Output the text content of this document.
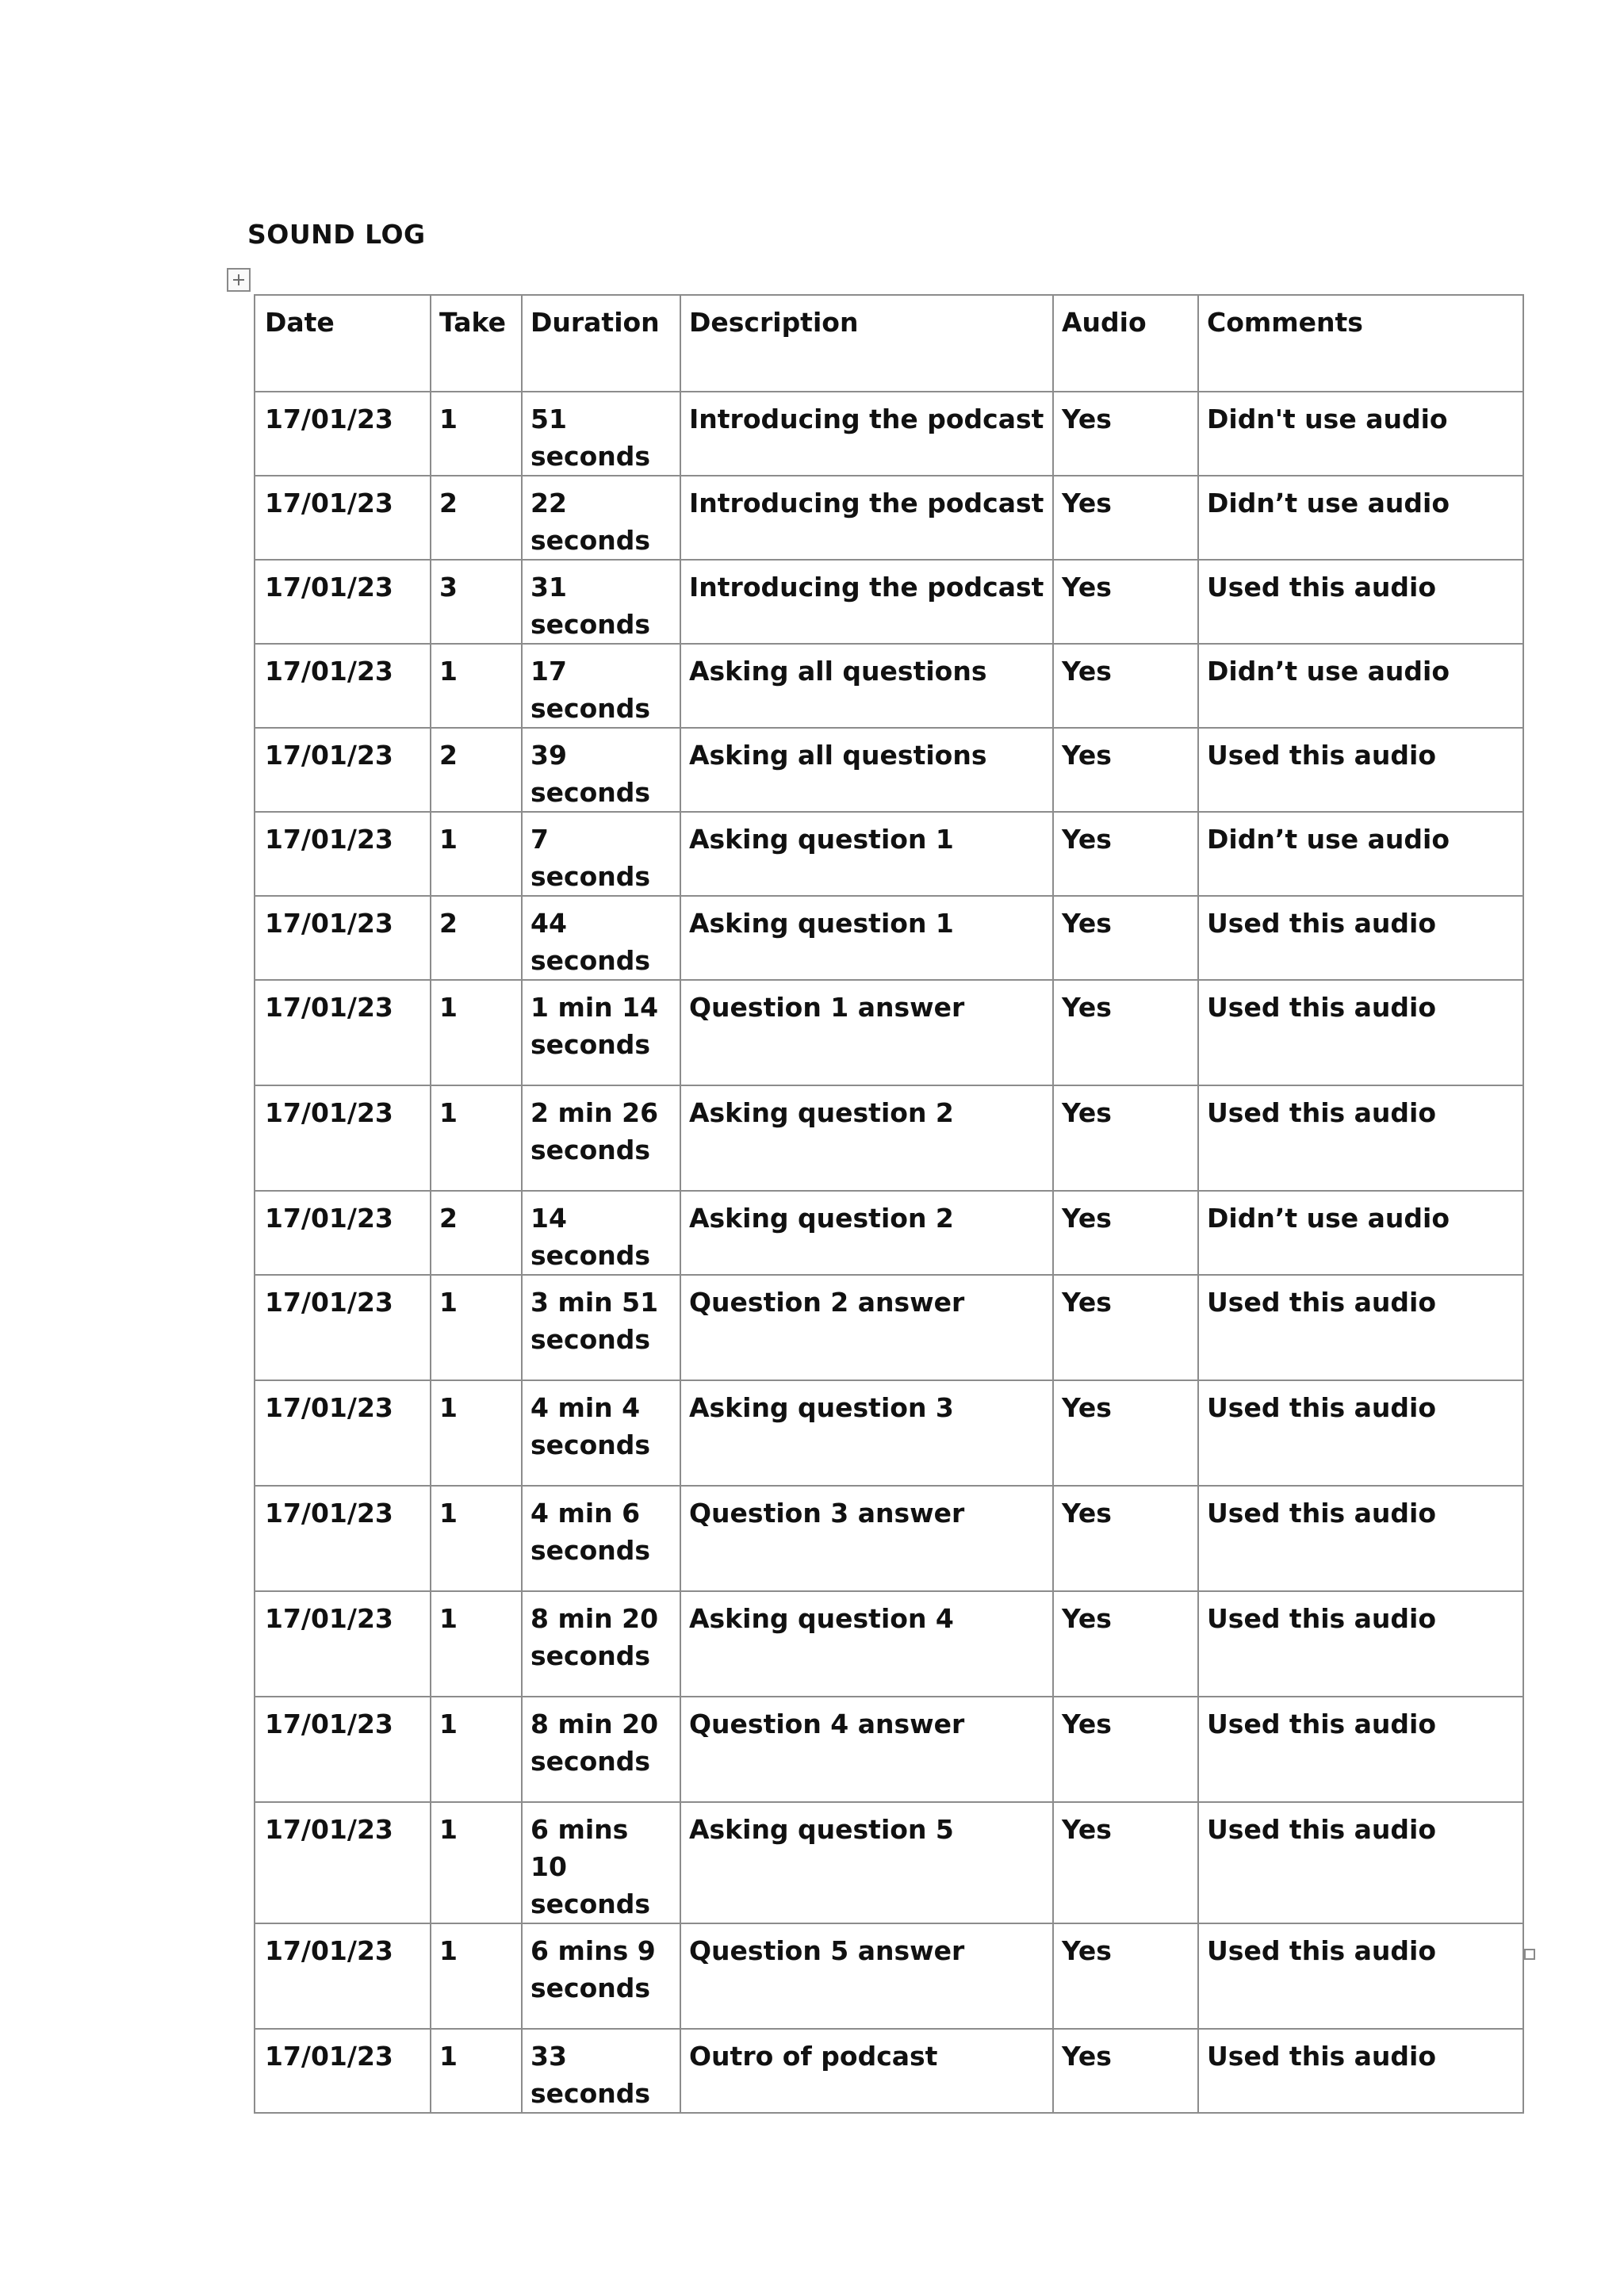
SOUND LOG
Date	Take	Duration	Description	Audio	Comments
17/01/23	1	51 seconds	Introducing the podcast	Yes	Didn't use audio
17/01/23	2	22 seconds	Introducing the podcast	Yes	Didn’t use audio
17/01/23	3	31 seconds	Introducing the podcast	Yes	Used this audio
17/01/23	1	17 seconds	Asking all questions	Yes	Didn’t use audio
17/01/23	2	39 seconds	Asking all questions	Yes	Used this audio
17/01/23	1	7 seconds	Asking question 1	Yes	Didn’t use audio
17/01/23	2	44 seconds	Asking question 1	Yes	Used this audio
17/01/23	1	1 min 14 seconds	Question 1 answer	Yes	Used this audio
17/01/23	1	2 min 26 seconds	Asking question 2	Yes	Used this audio
17/01/23	2	14 seconds	Asking question 2	Yes	Didn’t use audio
17/01/23	1	3 min 51 seconds	Question 2 answer	Yes	Used this audio
17/01/23	1	4 min 4 seconds	Asking question 3	Yes	Used this audio
17/01/23	1	4 min 6 seconds	Question 3 answer	Yes	Used this audio
17/01/23	1	8 min 20 seconds	Asking question 4	Yes	Used this audio
17/01/23	1	8 min 20 seconds	Question 4 answer	Yes	Used this audio
17/01/23	1	6 mins 10 seconds	Asking question 5	Yes	Used this audio
17/01/23	1	6 mins 9 seconds	Question 5 answer	Yes	Used this audio
17/01/23	1	33 seconds	Outro of podcast	Yes	Used this audio
